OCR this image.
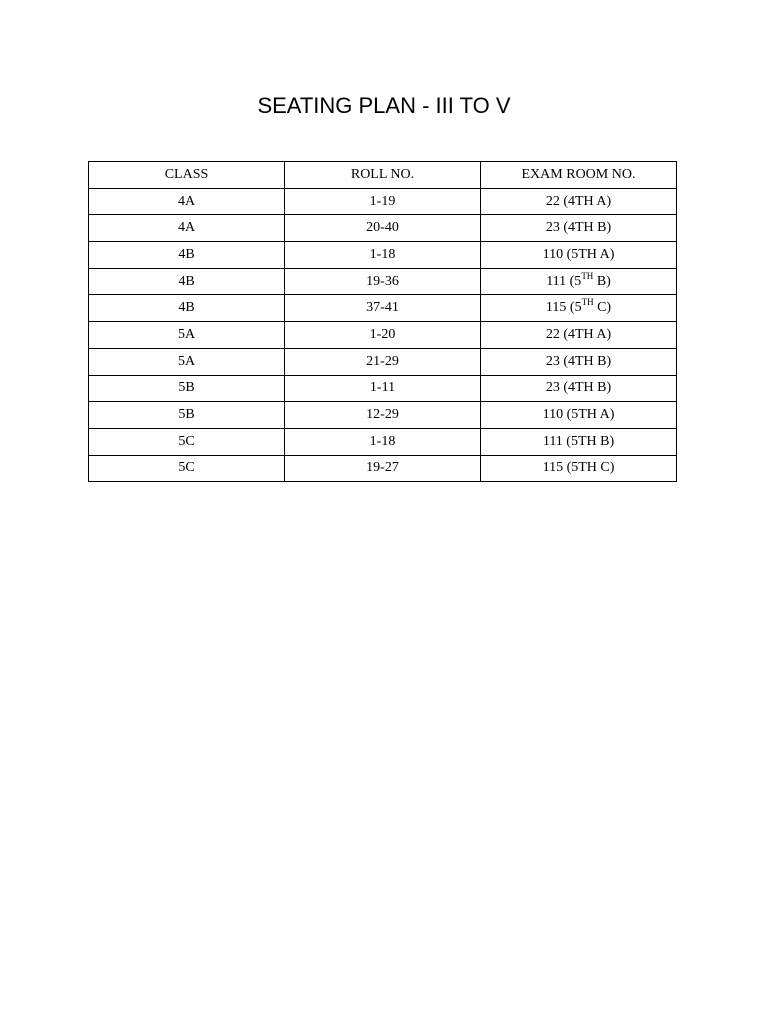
SEATING PLAN - III TO V
CLASS	ROLL NO.	EXAM ROOM NO.
4A	1-19	22 (4TH A)
4A	20-40	23 (4TH B)
4B	1-18	110 (5TH A)
4B	19-36	111 (5TH B)
4B	37-41	115 (5TH C)
5A	1-20	22 (4TH A)
5A	21-29	23 (4TH B)
5B	1-11	23 (4TH B)
5B	12-29	110 (5TH A)
5C	1-18	111 (5TH B)
5C	19-27	115 (5TH C)
